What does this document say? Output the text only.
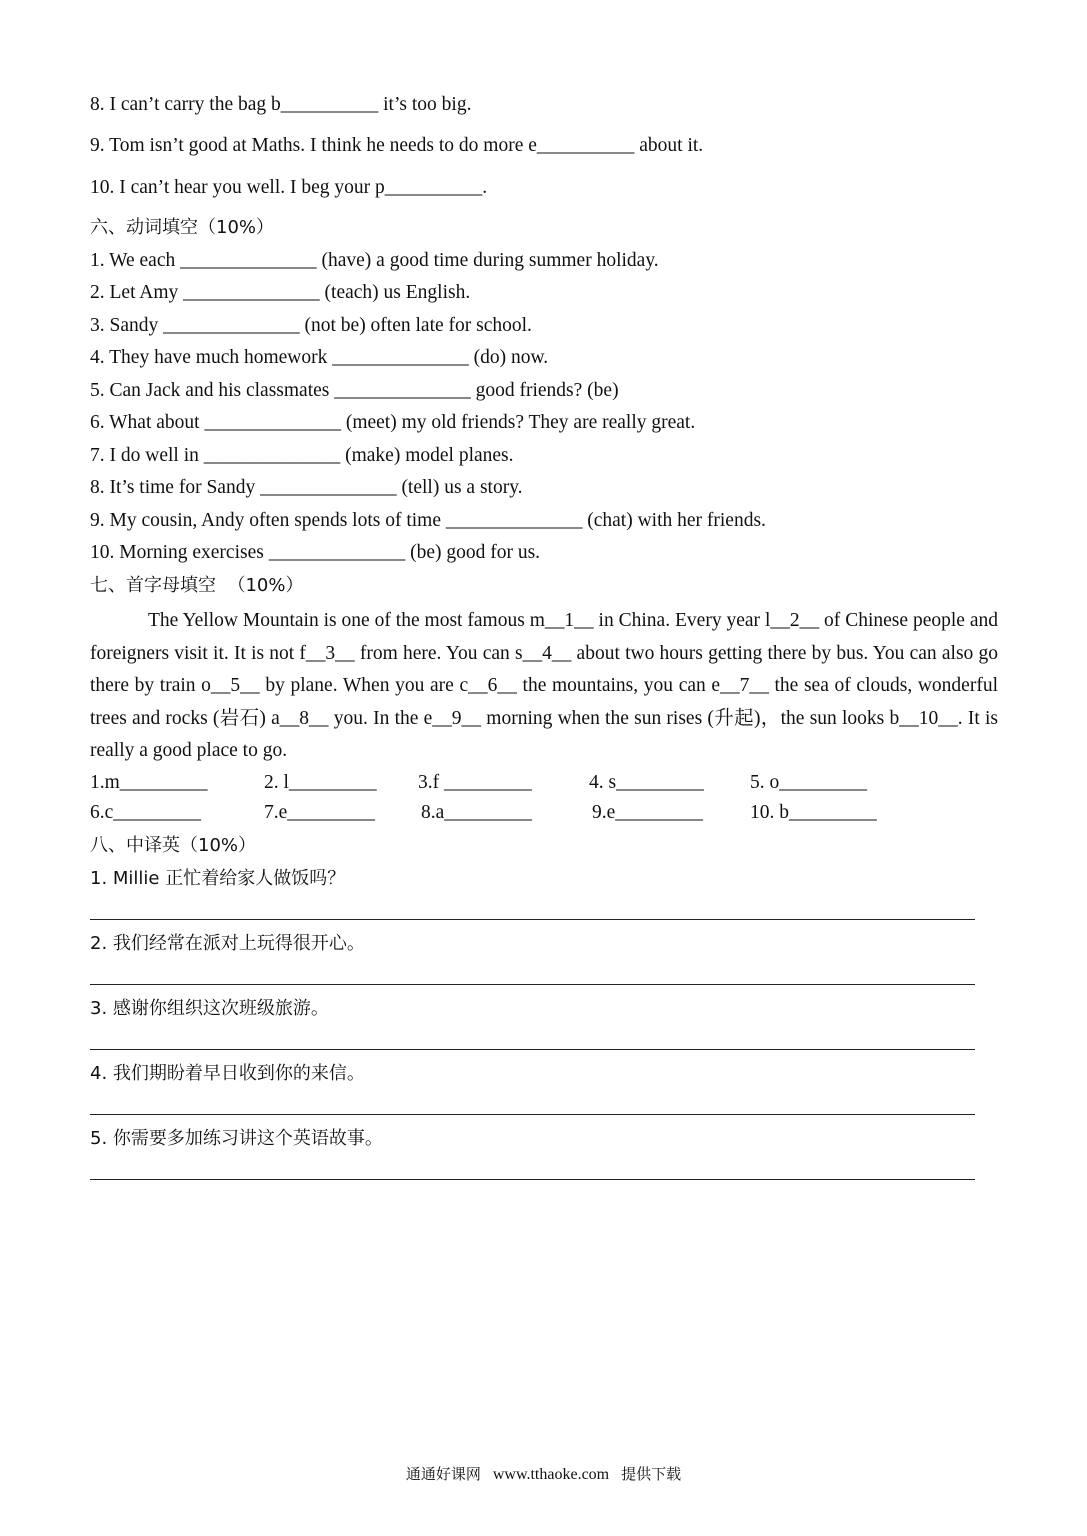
8. I can’t carry the bag b__________ it’s too big.
9. Tom isn’t good at Maths. I think he needs to do more e__________ about it.
10. I can’t hear you well. I beg your p__________.
六、动词填空（10%）
1. We each ______________ (have) a good time during summer holiday.
2. Let Amy ______________ (teach) us English.
3. Sandy ______________ (not be) often late for school.
4. They have much homework ______________ (do) now.
5. Can Jack and his classmates ______________ good friends? (be)
6. What about ______________ (meet) my old friends? They are really great.
7. I do well in ______________ (make) model planes.
8. It’s time for Sandy ______________ (tell) us a story.
9. My cousin, Andy often spends lots of time ______________ (chat) with her friends.
10. Morning exercises ______________ (be) good for us.
七、首字母填空  （10%）
The Yellow Mountain is one of the most famous m__1__ in China. Every year l__2__ of Chinese people and foreigners visit it. It is not f__3__ from here. You can s__4__ about two hours getting there by bus. You can also go there by train o__5__ by plane. When you are c__6__ the mountains, you can e__7__ the sea of clouds, wonderful trees and rocks (岩石) a__8__ you. In the e__9__ morning when the sun rises (升起)，the sun looks b__10__. It is really a good place to go.
1.m_________	2. l_________ 3.f _________	4. s_________ 5. o_________
6.c_________	7.e_________ 8.a_________	9.e_________ 10. b_________
八、中译英（10%）
1. Millie 正忙着给家人做饭吗？
2. 我们经常在派对上玩得很开心。
3. 感谢你组织这次班级旅游。
4. 我们期盼着早日收到你的来信。
5. 你需要多加练习讲这个英语故事。
通通好课网 www.tthaoke.com 提供下载
